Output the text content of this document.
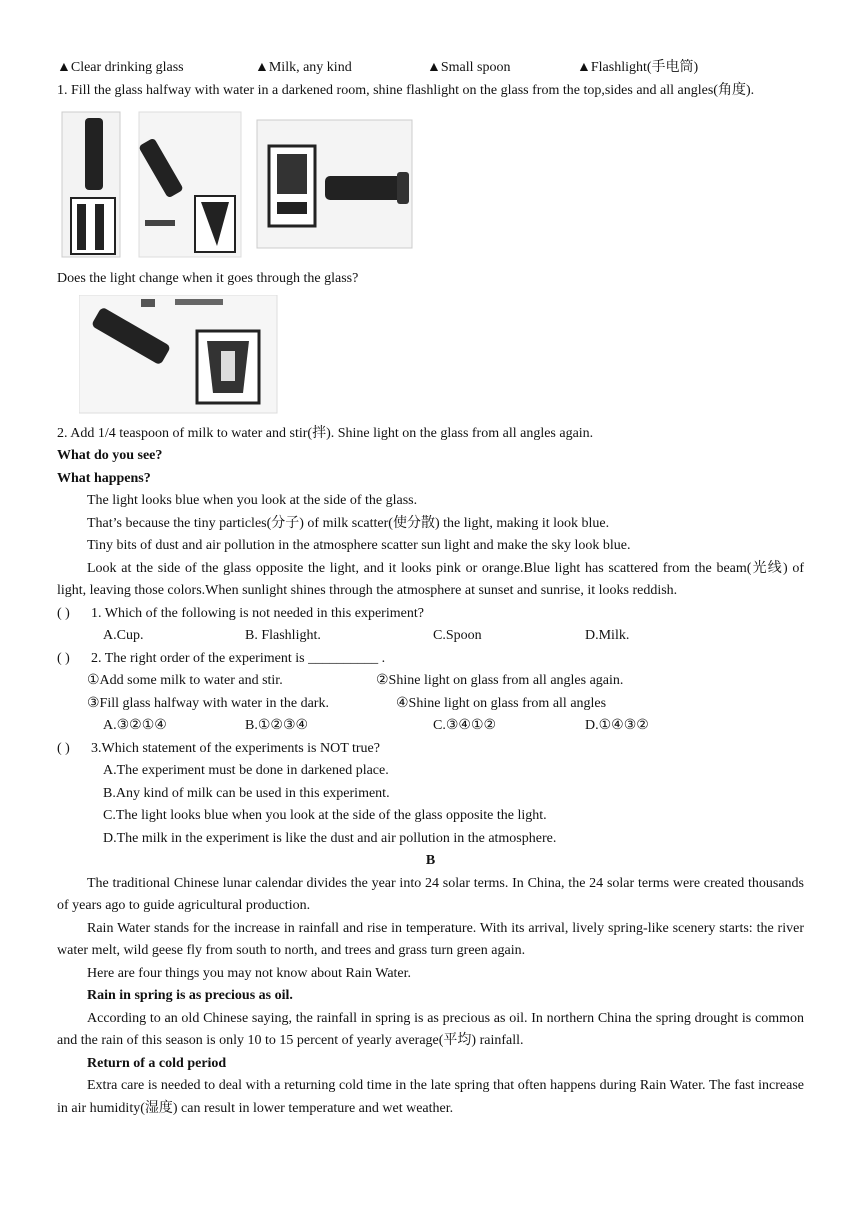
▲Clear drinking glass	▲Milk, any kind	▲Small spoon	▲Flashlight(手电筒)

1. Fill the glass halfway with water in a darkened room, shine flashlight on the glass from the top,sides and all angles(角度).

Does the light change when it goes through the glass?

2. Add 1/4 teaspoon of milk to water and stir(拌). Shine light on the glass from all angles again.

What do you see?

What happens?

The light looks blue when you look at the side of the glass.

That’s because the tiny particles(分子) of milk scatter(使分散) the light, making it look blue.

Tiny bits of dust and air pollution in the atmosphere scatter sun light and make the sky look blue.

Look at the side of the glass opposite the light, and it looks pink or orange.Blue light has scattered from the beam(光线) of light, leaving those colors.When sunlight shines through the atmosphere at sunset and sunrise, it looks reddish.

( )	1. Which of the following is not needed in this experiment?
A.Cup.	B. Flashlight.	C.Spoon	D.Milk.
( )	2. The right order of the experiment is __________ .
①Add some milk to water and stir.	②Shine light on glass from all angles again.
③Fill glass halfway with water in the dark.	④Shine light on glass from all angles
A.③②①④	B.①②③④	C.③④①②	D.①④③②
( )	3.Which statement of the experiments is NOT true?

A.The experiment must be done in darkened place.

B.Any kind of milk can be used in this experiment.

C.The light looks blue when you look at the side of the glass opposite the light.

D.The milk in the experiment is like the dust and air pollution in the atmosphere.

B

The traditional Chinese lunar calendar divides the year into 24 solar terms. In China, the 24 solar terms were created thousands of years ago to guide agricultural production.

Rain Water stands for the increase in rainfall and rise in temperature. With its arrival, lively spring-like scenery starts: the river water melt, wild geese fly from south to north, and trees and grass turn green again.

Here are four things you may not know about Rain Water.

Rain in spring is as precious as oil.

According to an old Chinese saying, the rainfall in spring is as precious as oil. In northern China the spring drought is common and the rain of this season is only 10 to 15 percent of yearly average(平均) rainfall.

Return of a cold period

Extra care is needed to deal with a returning cold time in the late spring that often happens during Rain Water. The fast increase in air humidity(湿度) can result in lower temperature and wet weather.
